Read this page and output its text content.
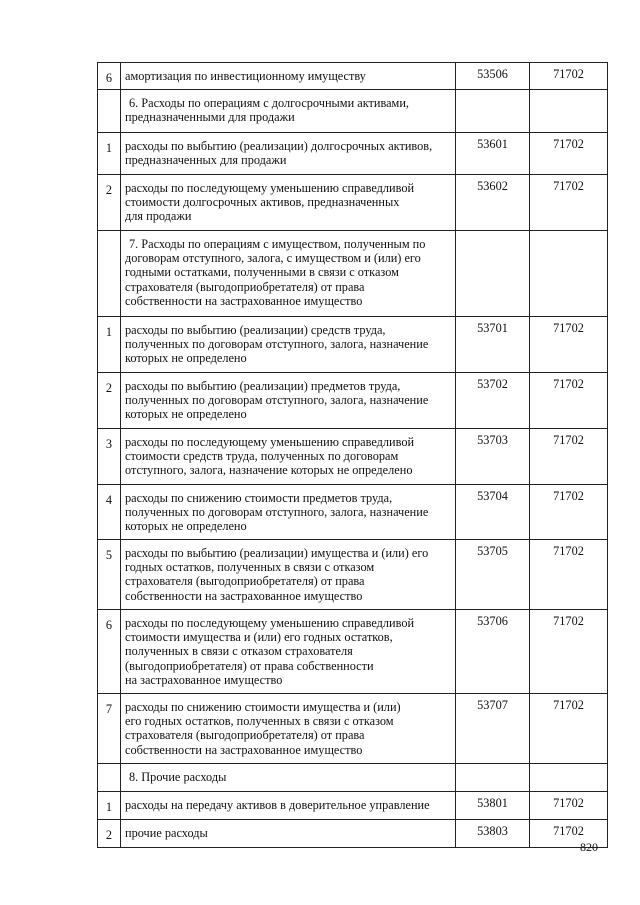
6	амортизация по инвестиционному имуществу	53506	71702

	6. Расходы по операциям с долгосрочными активами,
предназначенными для продажи		

1	расходы по выбытию (реализации) долгосрочных активов,
предназначенных для продажи	53601	71702
2	расходы по последующему уменьшению справедливой
стоимости долгосрочных активов, предназначенных
для продажи	53602	71702

	7. Расходы по операциям с имуществом, полученным по
договорам отступного, залога, с имуществом и (или) его
годными остатками, полученными в связи с отказом
страхователя (выгодоприобретателя) от права
собственности на застрахованное имущество		

1	расходы по выбытию (реализации) средств труда,
полученных по договорам отступного, залога, назначение
которых не определено	53701	71702
2	расходы по выбытию (реализации) предметов труда,
полученных по договорам отступного, залога, назначение
которых не определено	53702	71702
3	расходы по последующему уменьшению справедливой
стоимости средств труда, полученных по договорам
отступного, залога, назначение которых не определено	53703	71702
4	расходы по снижению стоимости предметов труда,
полученных по договорам отступного, залога, назначение
которых не определено	53704	71702
5	расходы по выбытию (реализации) имущества и (или) его
годных остатков, полученных в связи с отказом
страхователя (выгодоприобретателя) от права
собственности на застрахованное имущество	53705	71702
6	расходы по последующему уменьшению справедливой
стоимости имущества и (или) его годных остатков,
полученных в связи с отказом страхователя
(выгодоприобретателя) от права собственности
на застрахованное имущество	53706	71702
7	расходы по снижению стоимости имущества и (или)
его годных остатков, полученных в связи с отказом
страхователя (выгодоприобретателя) от права
собственности на застрахованное имущество	53707	71702

	8. Прочие расходы		

1	расходы на передачу активов в доверительное управление	53801	71702
2	прочие расходы	53803	71702
820
